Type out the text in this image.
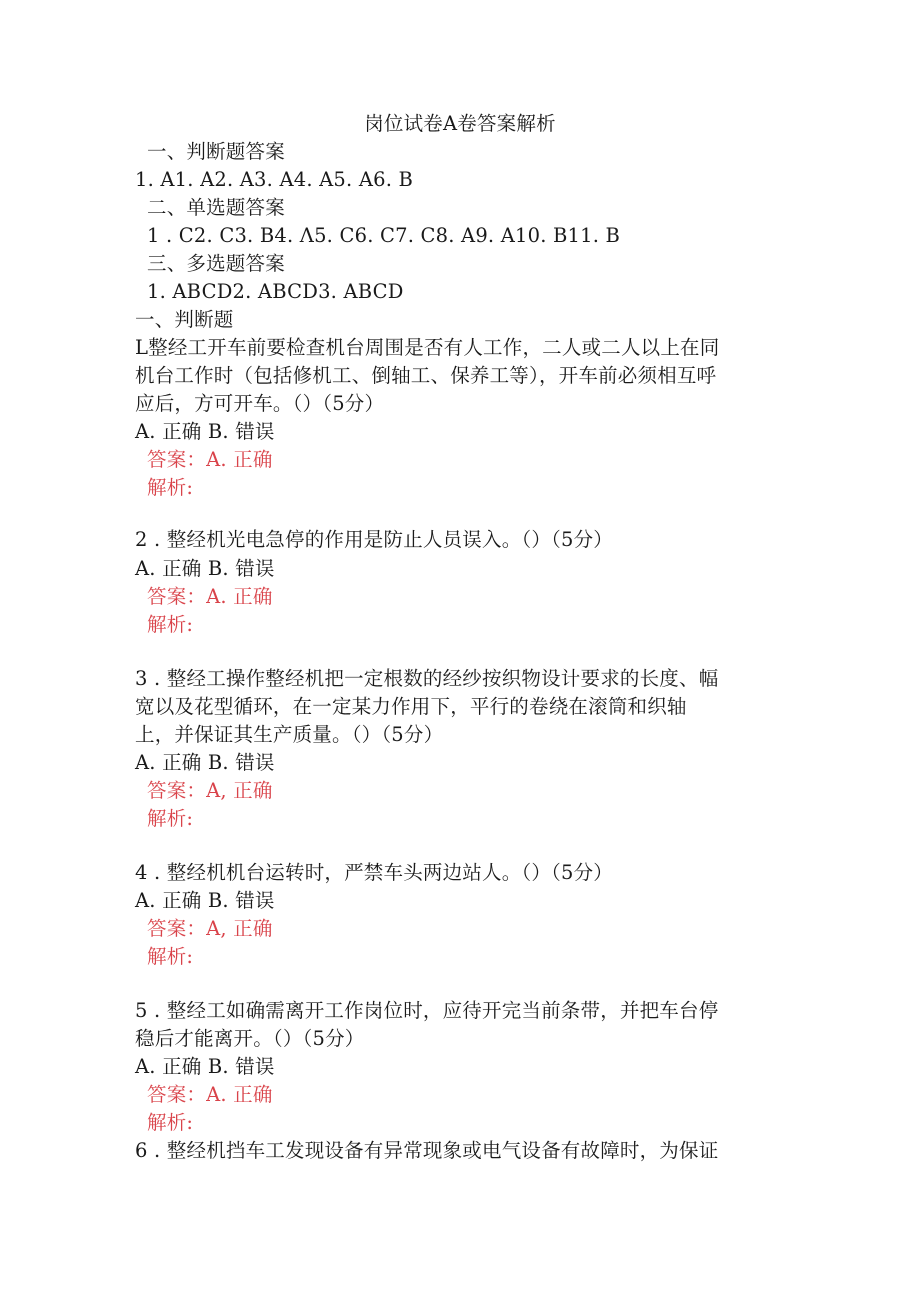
岗位试卷A卷答案解析
一、判断题答案
1. A1. A2. A3. A4. A5. A6. B
二、单选题答案
1 . C2. C3. B4. Λ5. C6. C7. C8. A9. A10. B11. B
三、多选题答案
1. ABCD2. ABCD3. ABCD
一、判断题
L整经工开车前要检查机台周围是否有人工作，二人或二人以上在同
机台工作时（包括修机工、倒轴工、保养工等），开车前必须相互呼
应后，方可开车。（）（5分）
A. 正确 B. 错误
答案：A. 正确
解析:
2 . 整经机光电急停的作用是防止人员误入。（）（5分）
A. 正确 B. 错误
答案：A. 正确
解析:
3 . 整经工操作整经机把一定根数的经纱按织物设计要求的长度、幅
宽以及花型循环，在一定某力作用下，平行的卷绕在滚筒和织轴
上，并保证其生产质量。（）（5分）
A. 正确 B. 错误
答案：A, 正确
解析:
4 . 整经机机台运转时，严禁车头两边站人。（）（5分）
A. 正确 B. 错误
答案：A, 正确
解析:
5 . 整经工如确需离开工作岗位时，应待开完当前条带，并把车台停
稳后才能离开。（）（5分）
A. 正确 B. 错误
答案：A. 正确
解析:
6 . 整经机挡车工发现设备有异常现象或电气设备有故障时，为保证
